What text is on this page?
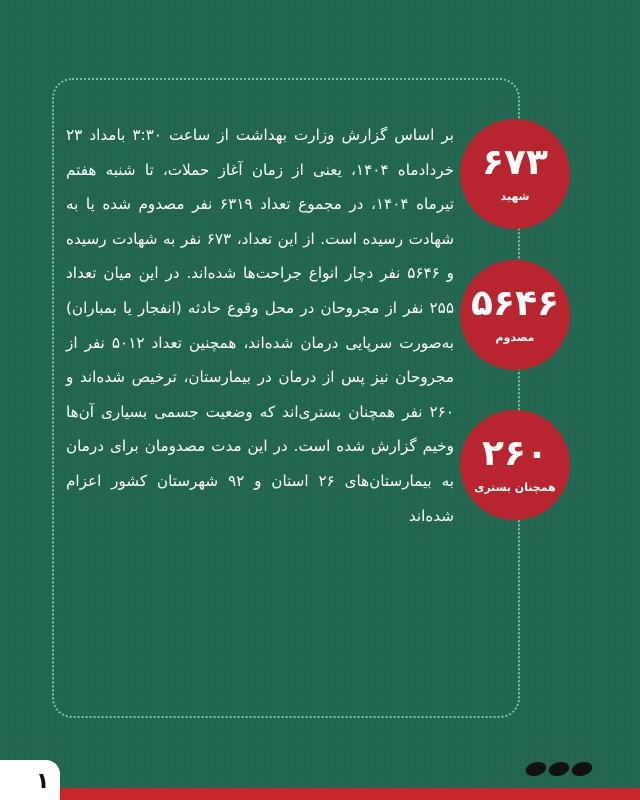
بر اساس گزارش وزارت بهداشت از ساعت ۳:۳۰ بامداد ۲۳ خردادماه ۱۴۰۴، یعنی از زمان آغاز حملات، تا شنبه هفتم تیرماه ۱۴۰۴، در مجموع تعداد ۶۳۱۹ نفر مصدوم شده یا به شهادت رسیده است. از این تعداد، ۶۷۳ نفر به شهادت رسیده و ۵۶۴۶ نفر دچار انواع جراحت‌ها شده‌اند. در این میان تعداد ۲۵۵ نفر از مجروحان در محل وقوع حادثه (انفجار یا بمباران) به‌صورت سرپایی درمان شده‌اند، همچنین تعداد ۵۰۱۲ نفر از مجروحان نیز پس از درمان در بیمارستان، ترخیص شده‌اند و ۲۶۰ نفر همچنان بستری‌اند که وضعیت جسمی بسیاری آن‌ها وخیم گزارش شده است. در این مدت مصدومان برای درمان به بیمارستان‌های ۲۶ استان و ۹۲ شهرستان کشور اعزام شده‌اند

۶۷۳
شهید
۵۶۴۶
مصدوم
۲۶۰
همچنان بستری
۱
